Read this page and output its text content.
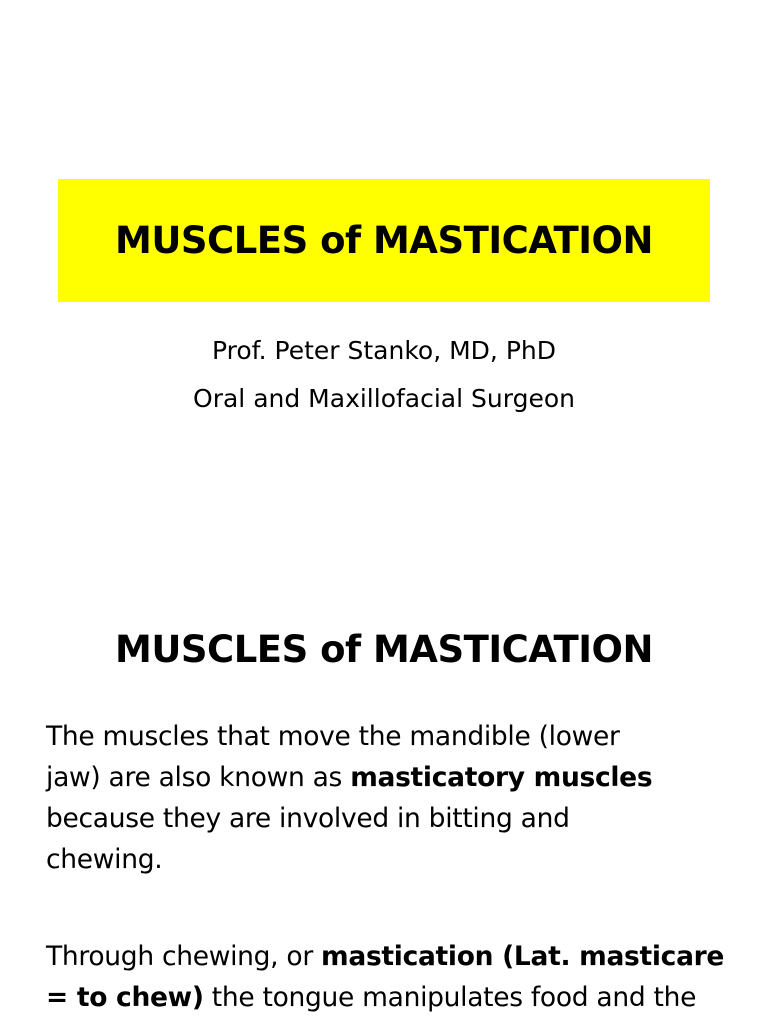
MUSCLES of MASTICATION
Prof. Peter Stanko, MD, PhD
Oral and Maxillofacial Surgeon
MUSCLES of MASTICATION
The muscles that move the mandible (lower
jaw) are also known as masticatory muscles
because they are involved in bitting and
chewing.
Through chewing, or mastication (Lat. masticare
= to chew) the tongue manipulates food and the
